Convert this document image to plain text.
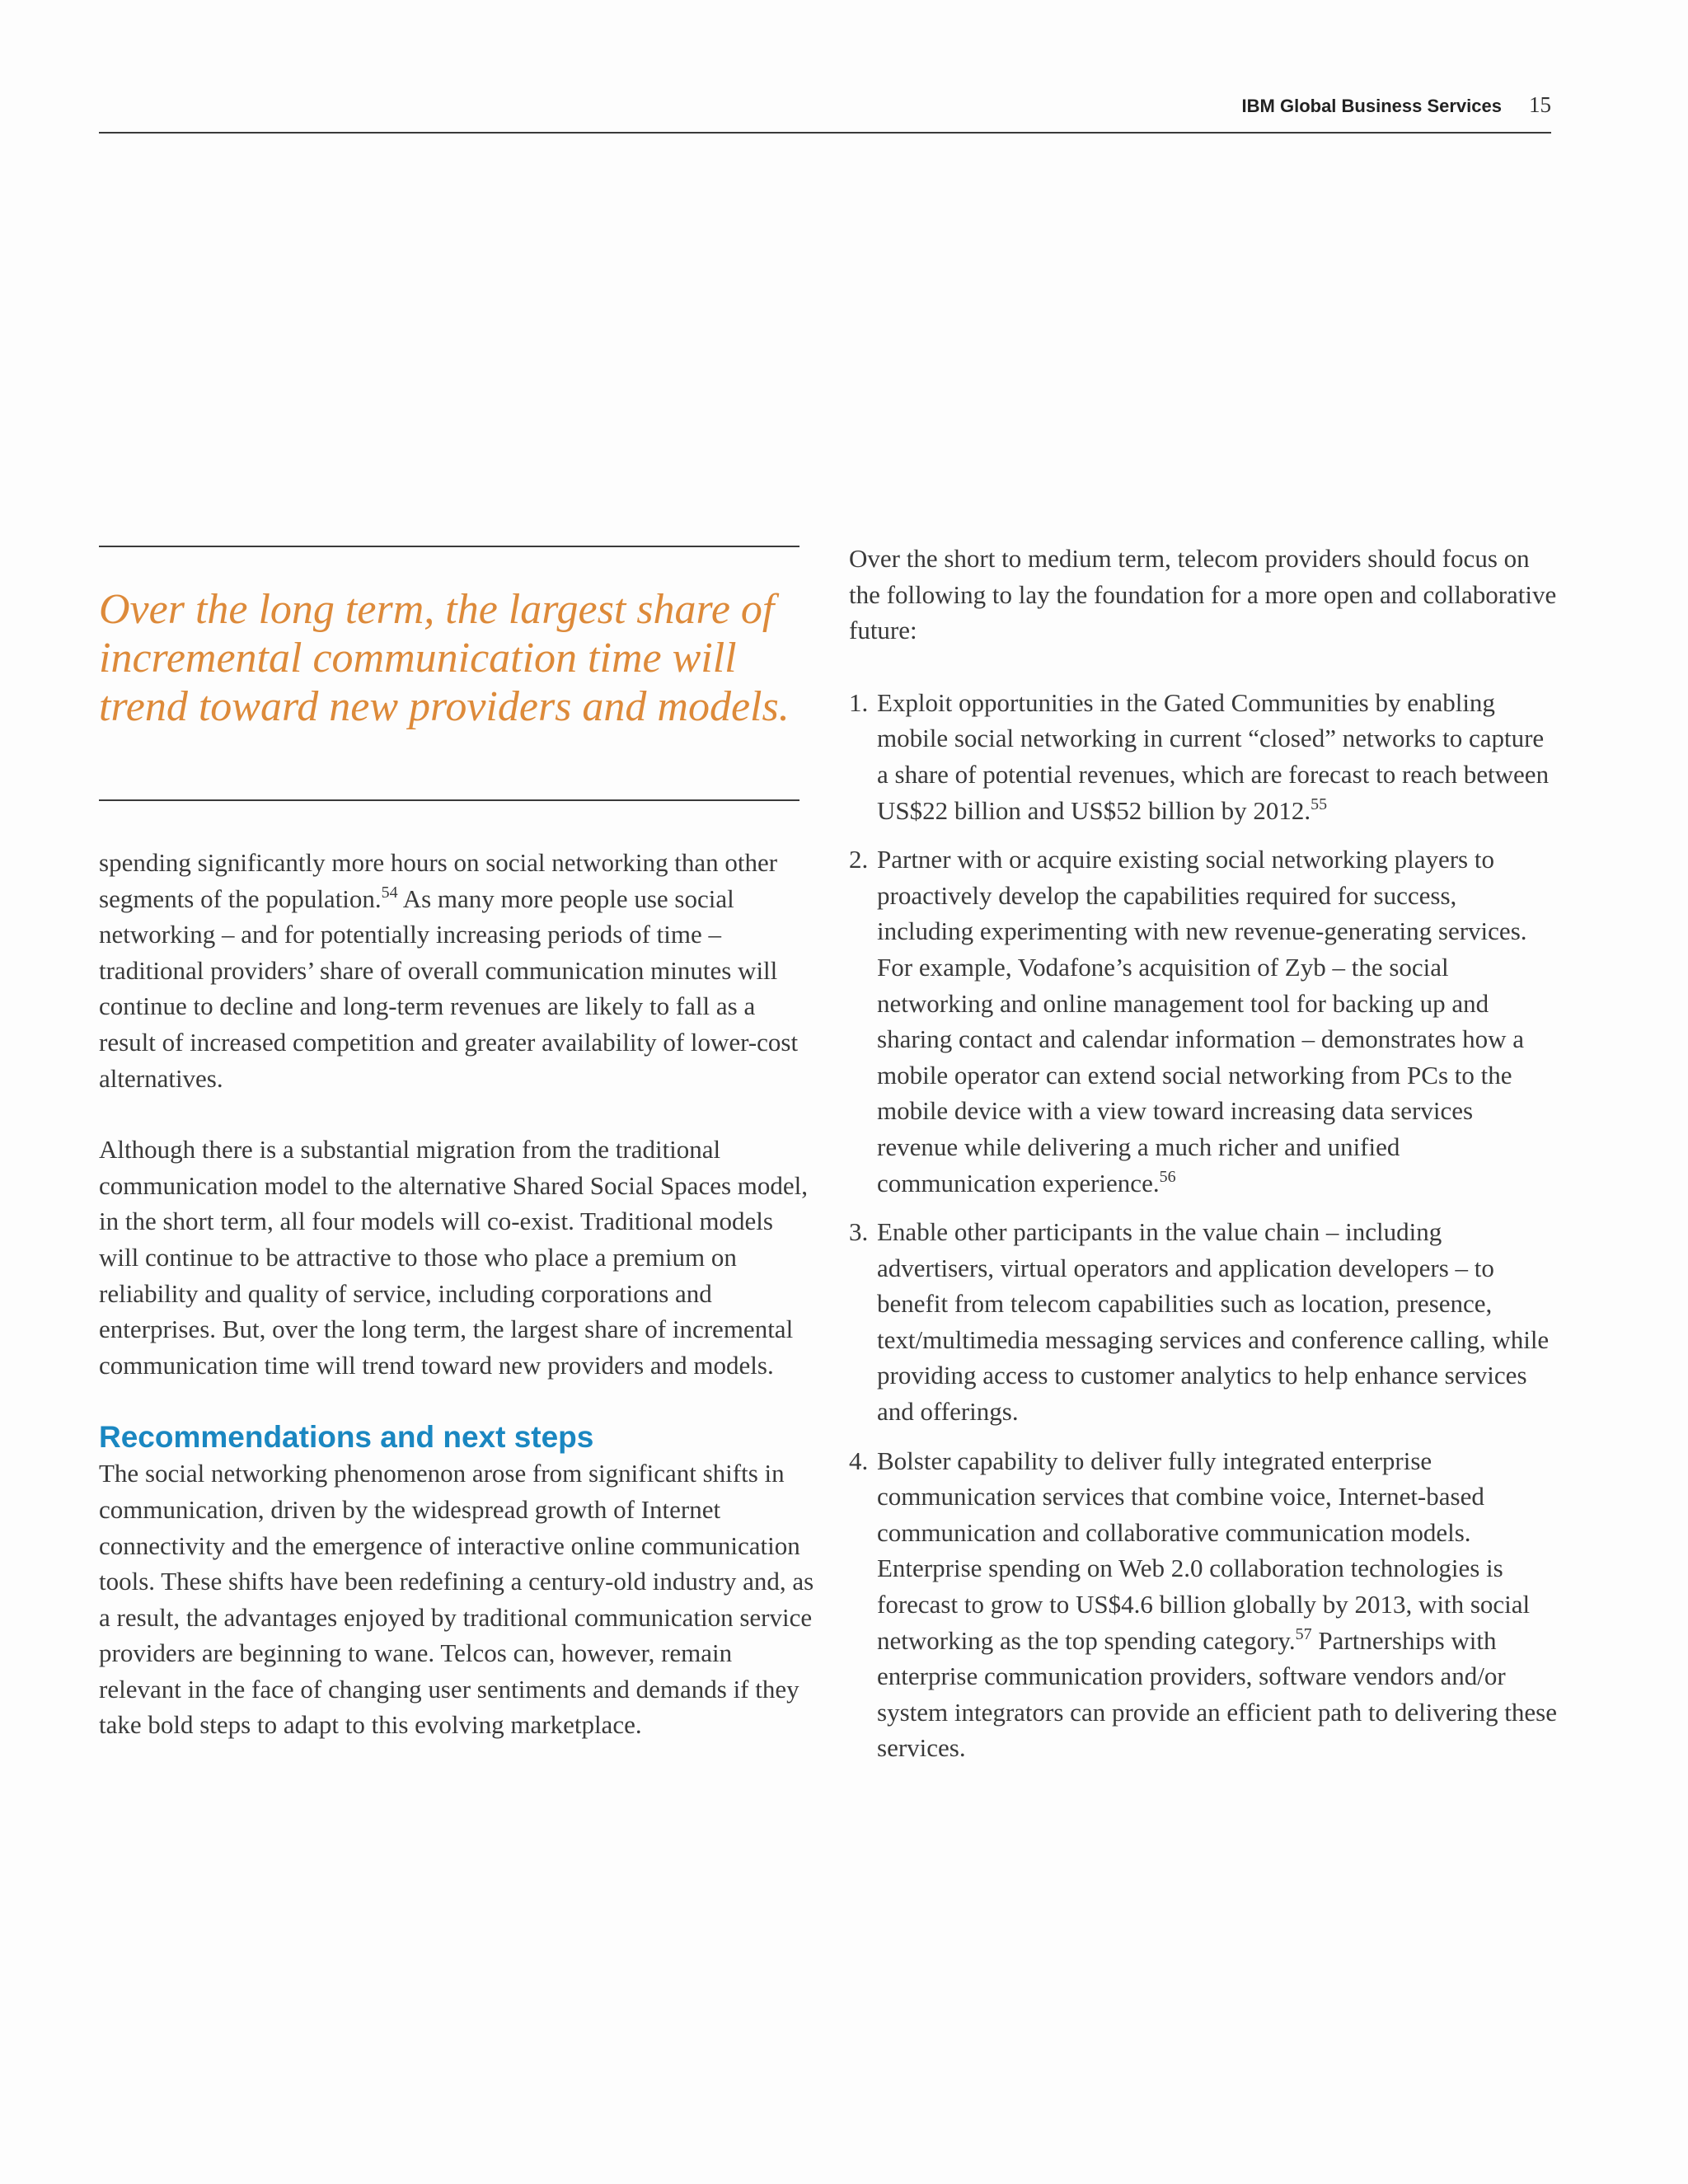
IBM Global Business Services 15
Over the long term, the largest share of incremental communication time will trend toward new providers and models.

spending significantly more hours on social networking than other segments of the population.$^{54}$ As many more people use social networking – and for potentially increasing periods of time – traditional providers’ share of overall communication minutes will continue to decline and long-term revenues are likely to fall as a result of increased competition and greater availability of lower-cost alternatives.

Although there is a substantial migration from the traditional communication model to the alternative Shared Social Spaces model, in the short term, all four models will co-exist. Traditional models will continue to be attractive to those who place a premium on reliability and quality of service, including corporations and enterprises. But, over the long term, the largest share of incremental communication time will trend toward new providers and models.

Recommendations and next steps

The social networking phenomenon arose from significant shifts in communication, driven by the widespread growth of Internet connectivity and the emergence of interactive online communication tools. These shifts have been redefining a century-old industry and, as a result, the advantages enjoyed by traditional communication service providers are beginning to wane. Telcos can, however, remain relevant in the face of changing user sentiments and demands if they take bold steps to adapt to this evolving marketplace.

Over the short to medium term, telecom providers should focus on the following to lay the foundation for a more open and collaborative future:

1. Exploit opportunities in the Gated Communities by enabling mobile social networking in current “closed” networks to capture a share of potential revenues, which are forecast to reach between US$22 billion and US$52 billion by 2012.55
2. Partner with or acquire existing social networking players to proactively develop the capabilities required for success, including experimenting with new revenue-generating services. For example, Vodafone’s acquisition of Zyb – the social networking and online management tool for backing up and sharing contact and calendar information – demonstrates how a mobile operator can extend social networking from PCs to the mobile device with a view toward increasing data services revenue while delivering a much richer and unified communication experience.$^{56}$
3. Enable other participants in the value chain – including advertisers, virtual operators and application developers – to benefit from telecom capabilities such as location, presence, text/multimedia messaging services and conference calling, while providing access to customer analytics to help enhance services and offerings.
4. Bolster capability to deliver fully integrated enterprise communication services that combine voice, Internet-based communication and collaborative communication models. Enterprise spending on Web 2.0 collaboration technologies is forecast to grow to US$4.6 billion globally by 2013, with social networking as the top spending category.$^{57}$ Partnerships with enterprise communication providers, software vendors and/or system integrators can provide an efficient path to delivering these services.
